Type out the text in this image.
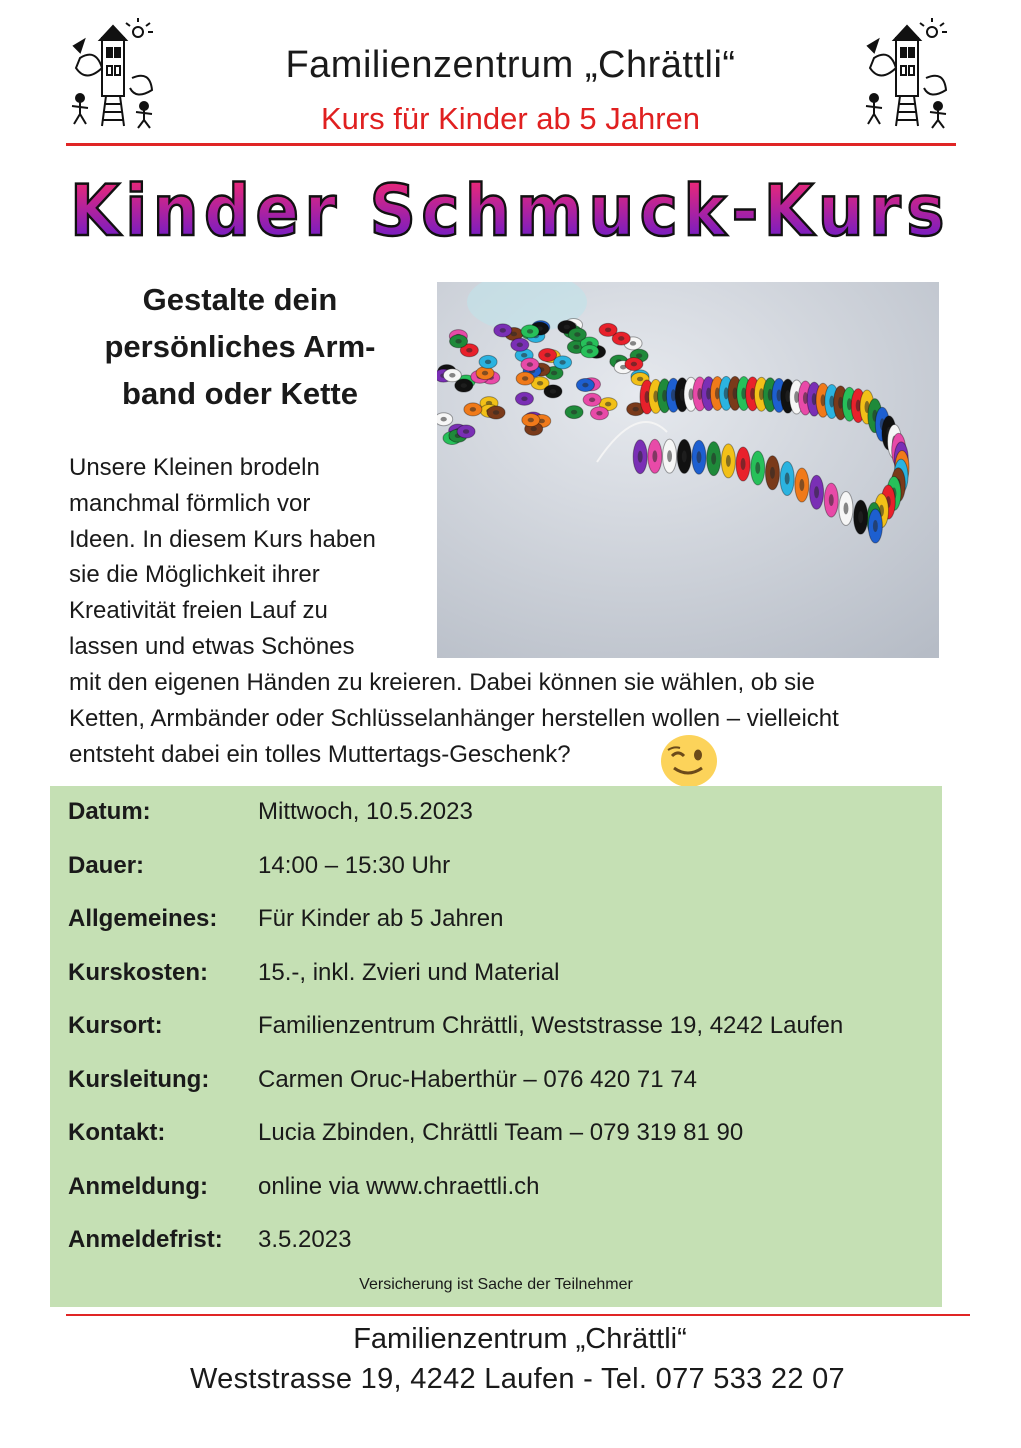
Familienzentrum „Chrättli“
Kurs für Kinder ab 5 Jahren
Kinder Schmuck-Kurs
Gestalte dein
persönliches Arm-
band oder Kette
Unsere Kleinen brodeln
manchmal förmlich vor
Ideen. In diesem Kurs haben
sie die Möglichkeit ihrer
Kreativität freien Lauf zu
lassen und etwas Schönes
mit den eigenen Händen zu kreieren. Dabei können sie wählen, ob sie
Ketten, Armbänder oder Schlüsselanhänger herstellen wollen – vielleicht
entsteht dabei ein tolles Muttertags-Geschenk?
Datum:	Mittwoch, 10.5.2023
Dauer:	14:00 – 15:30 Uhr
Allgemeines: Für Kinder ab 5 Jahren
Kurskosten: 15.-, inkl. Zvieri und Material
Kursort:	Familienzentrum Chrättli, Weststrasse 19, 4242 Laufen
Kursleitung: Carmen Oruc-Haberthür – 076 420 71 74
Kontakt:	Lucia Zbinden, Chrättli Team – 079 319 81 90
Anmeldung: online via www.chraettli.ch
Anmeldefrist: 3.5.2023
Versicherung ist Sache der Teilnehmer
Familienzentrum „Chrättli“
Weststrasse 19, 4242 Laufen - Tel. 077 533 22 07
